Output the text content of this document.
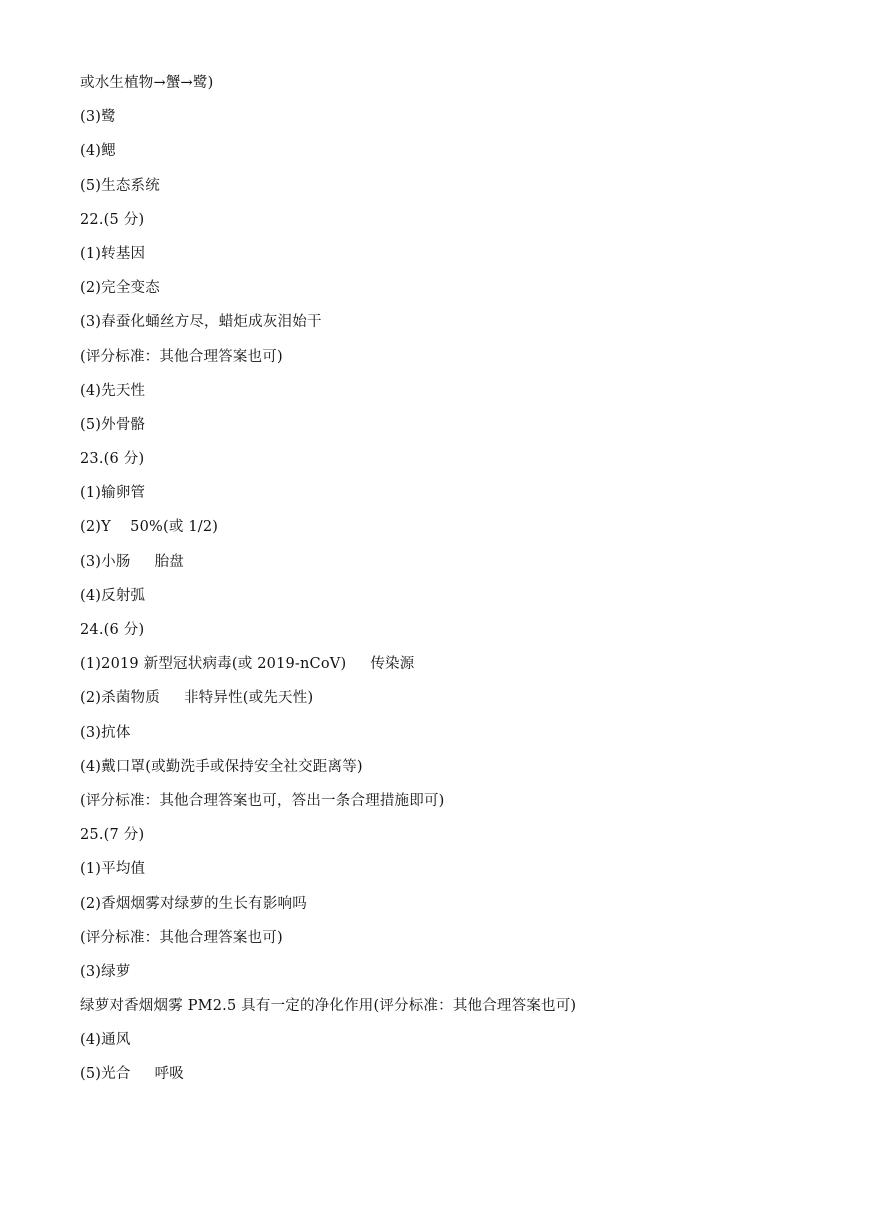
或水生植物→蟹→鹭)
(3)鹭
(4)鳃
(5)生态系统
22.(5 分)
(1)转基因
(2)完全变态
(3)春蚕化蛹丝方尽，蜡炬成灰泪始干
(评分标准：其他合理答案也可)
(4)先天性
(5)外骨骼
23.(6 分)
(1)输卵管
(2)Y    50%(或 1/2)
(3)小肠     胎盘
(4)反射弧
24.(6 分)
(1)2019 新型冠状病毒(或 2019-nCoV)     传染源
(2)杀菌物质     非特异性(或先天性)
(3)抗体
(4)戴口罩(或勤洗手或保持安全社交距离等)
(评分标准：其他合理答案也可，答出一条合理措施即可)
25.(7 分)
(1)平均值
(2)香烟烟雾对绿萝的生长有影响吗
(评分标准：其他合理答案也可)
(3)绿萝
绿萝对香烟烟雾 PM2.5 具有一定的净化作用(评分标准：其他合理答案也可)
(4)通风
(5)光合     呼吸
